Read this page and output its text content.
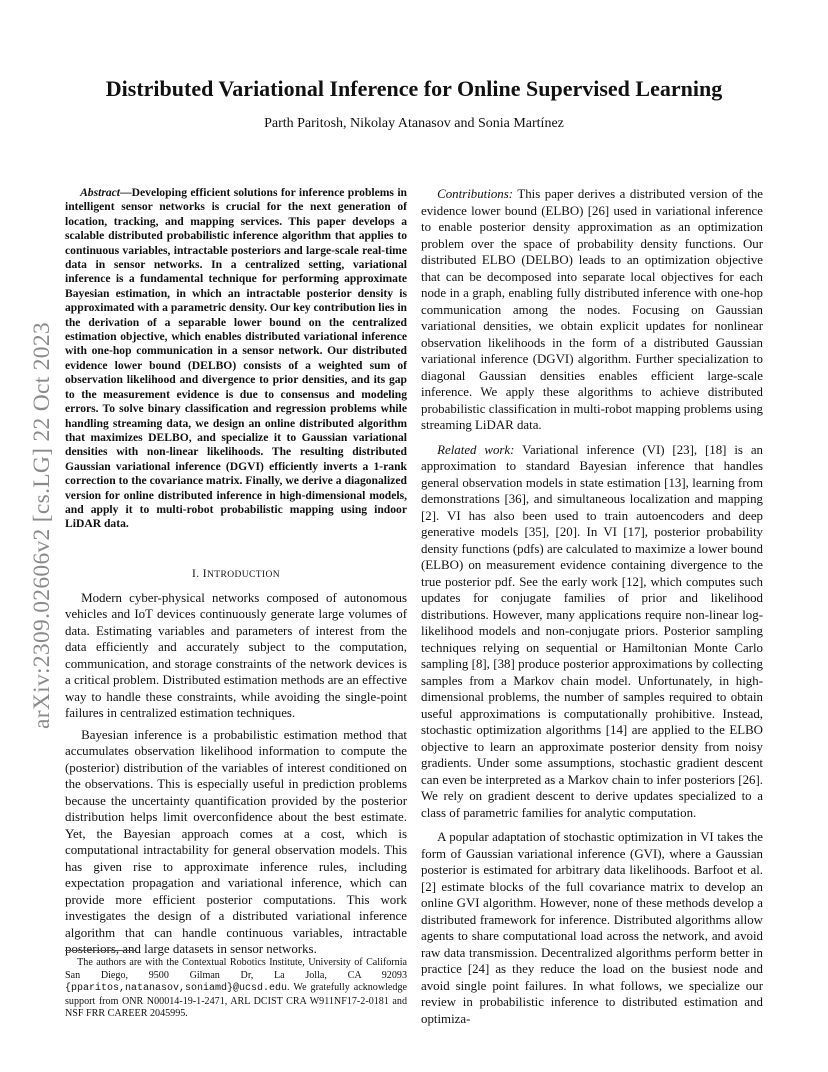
arXiv:2309.02606v2 [cs.LG] 22 Oct 2023
Distributed Variational Inference for Online Supervised Learning
Parth Paritosh, Nikolay Atanasov and Sonia Martínez

Abstract—Developing efficient solutions for inference problems in intelligent sensor networks is crucial for the next generation of location, tracking, and mapping services. This paper develops a scalable distributed probabilistic inference algorithm that applies to continuous variables, intractable posteriors and large-scale real-time data in sensor networks. In a centralized setting, variational inference is a fundamental technique for performing approximate Bayesian estimation, in which an intractable posterior density is approximated with a parametric density. Our key contribution lies in the derivation of a separable lower bound on the centralized estimation objective, which enables distributed variational inference with one-hop communication in a sensor network. Our distributed evidence lower bound (DELBO) consists of a weighted sum of observation likelihood and divergence to prior densities, and its gap to the measurement evidence is due to consensus and modeling errors. To solve binary classification and regression problems while handling streaming data, we design an online distributed algorithm that maximizes DELBO, and specialize it to Gaussian variational densities with non-linear likelihoods. The resulting distributed Gaussian variational inference (DGVI) efficiently inverts a 1-rank correction to the covariance matrix. Finally, we derive a diagonalized version for online distributed inference in high-dimensional models, and apply it to multi-robot probabilistic mapping using indoor LiDAR data.

I. INTRODUCTION

Modern cyber-physical networks composed of autonomous vehicles and IoT devices continuously generate large volumes of data. Estimating variables and parameters of interest from the data efficiently and accurately subject to the computation, communication, and storage constraints of the network devices is a critical problem. Distributed estimation methods are an effective way to handle these constraints, while avoiding the single-point failures in centralized estimation techniques.

Bayesian inference is a probabilistic estimation method that accumulates observation likelihood information to compute the (posterior) distribution of the variables of interest conditioned on the observations. This is especially useful in prediction problems because the uncertainty quantification provided by the posterior distribution helps limit overconfidence about the best estimate. Yet, the Bayesian approach comes at a cost, which is computational intractability for general observation models. This has given rise to approximate inference rules, including expectation propagation and variational inference, which can provide more efficient posterior computations. This work investigates the design of a distributed variational inference algorithm that can handle continuous variables, intractable posteriors, and large datasets in sensor networks.

The authors are with the Contextual Robotics Institute, University of California San Diego, 9500 Gilman Dr, La Jolla, CA 92093 {pparitos,natanasov,soniamd}@ucsd.edu. We gratefully acknowledge support from ONR N00014-19-1-2471, ARL DCIST CRA W911NF17-2-0181 and NSF FRR CAREER 2045995.

Contributions: This paper derives a distributed version of the evidence lower bound (ELBO) [26] used in variational inference to enable posterior density approximation as an optimization problem over the space of probability density functions. Our distributed ELBO (DELBO) leads to an optimization objective that can be decomposed into separate local objectives for each node in a graph, enabling fully distributed inference with one-hop communication among the nodes. Focusing on Gaussian variational densities, we obtain explicit updates for nonlinear observation likelihoods in the form of a distributed Gaussian variational inference (DGVI) algorithm. Further specialization to diagonal Gaussian densities enables efficient large-scale inference. We apply these algorithms to achieve distributed probabilistic classification in multi-robot mapping problems using streaming LiDAR data.

Related work: Variational inference (VI) [23], [18] is an approximation to standard Bayesian inference that handles general observation models in state estimation [13], learning from demonstrations [36], and simultaneous localization and mapping [2]. VI has also been used to train autoencoders and deep generative models [35], [20]. In VI [17], posterior probability density functions (pdfs) are calculated to maximize a lower bound (ELBO) on measurement evidence containing divergence to the true posterior pdf. See the early work [12], which computes such updates for conjugate families of prior and likelihood distributions. However, many applications require non-linear log-likelihood models and non-conjugate priors. Posterior sampling techniques relying on sequential or Hamiltonian Monte Carlo sampling [8], [38] produce posterior approximations by collecting samples from a Markov chain model. Unfortunately, in high-dimensional problems, the number of samples required to obtain useful approximations is computationally prohibitive. Instead, stochastic optimization algorithms [14] are applied to the ELBO objective to learn an approximate posterior density from noisy gradients. Under some assumptions, stochastic gradient descent can even be interpreted as a Markov chain to infer posteriors [26]. We rely on gradient descent to derive updates specialized to a class of parametric families for analytic computation.

A popular adaptation of stochastic optimization in VI takes the form of Gaussian variational inference (GVI), where a Gaussian posterior is estimated for arbitrary data likelihoods. Barfoot et al. [2] estimate blocks of the full covariance matrix to develop an online GVI algorithm. However, none of these methods develop a distributed framework for inference. Distributed algorithms allow agents to share computational load across the network, and avoid raw data transmission. Decentralized algorithms perform better in practice [24] as they reduce the load on the busiest node and avoid single point failures. In what follows, we specialize our review in probabilistic inference to distributed estimation and optimiza-
